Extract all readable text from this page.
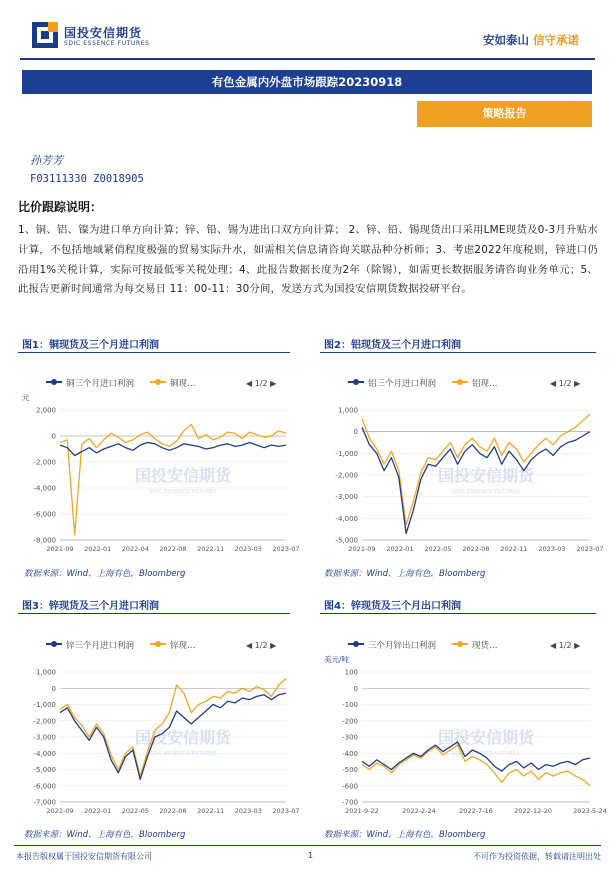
国投安信期货
SDIC ESSENCE FUTURES	安如泰山 信守承诺
有色金属内外盘市场跟踪20230918
策略报告
孙芳芳
F03111330 Z0018905
比价跟踪说明：
1、铜、铝、镍为进口单方向计算；锌、铅、锡为进出口双方向计算； 2、锌、铅、锡现货出口采用LME现货及0-3月升贴水计算，不包括地域紧俏程度极强的贸易实际升水，如需相关信息请咨询关联品种分析师；3、考虑2022年度税则，锌进口仍沿用1%关税计算，实际可按最低零关税处理；4、此报告数据长度为2年（除锡），如需更长数据服务请咨询业务单元；5、此报告更新时间通常为每交易日 11：00-11：30分间，发送方式为国投安信期货数据投研平台。
图1：铜现货及三个月进口利润	图2：铝现货及三个月进口利润
图3：锌现货及三个月进口利润	图4：锌现货及三个月出口利润
铜三个月进口利润	铜现…	◀ 1/2 ▶
元
2,000
0
-2,000
-4,000
-6,000
-8,000
2021-09 2022-01 2022-04 2022-08 2022-11 2023-03 2023-07
国投安信期货
SDIC ESSENCE FUTURES
铝三个月进口利润	铝现…	◀ 1/2 ▶
1,000
0
-1,000
-2,000
-3,000
-4,000
-5,000
2021-09 2022-01 2022-05 2022-08 2022-11 2023-03 2023-07
国投安信期货
SDIC ESSENCE FUTURES
锌三个月进口利润	锌现…	◀ 1/2 ▶
1,000
0
-1,000
-2,000
-3,000
-4,000
-5,000
-6,000
-7,000
2021-09 2022-01 2022-05 2022-08 2022-11 2023-03 2023-07
国投安信期货
SDIC ESSENCE FUTURES
三个月锌出口利润	现货…	◀ 1/2 ▶
美元/吨
100
0
-100
-200
-300
-400
-500
-600
-700
2021-9-22	2022-2-24	2022-7-16	2022-12-20	2023-5-24
国投安信期货
SDIC ESSENCE FUTURES
数据来源：Wind、上海有色，Bloomberg	数据来源：Wind、上海有色，Bloomberg
数据来源：Wind、上海有色，Bloomberg	数据来源：Wind、上海有色，Bloomberg
本报告版权属于国投安信期货有限公司	1	不可作为投资依据，转载请注明出处
